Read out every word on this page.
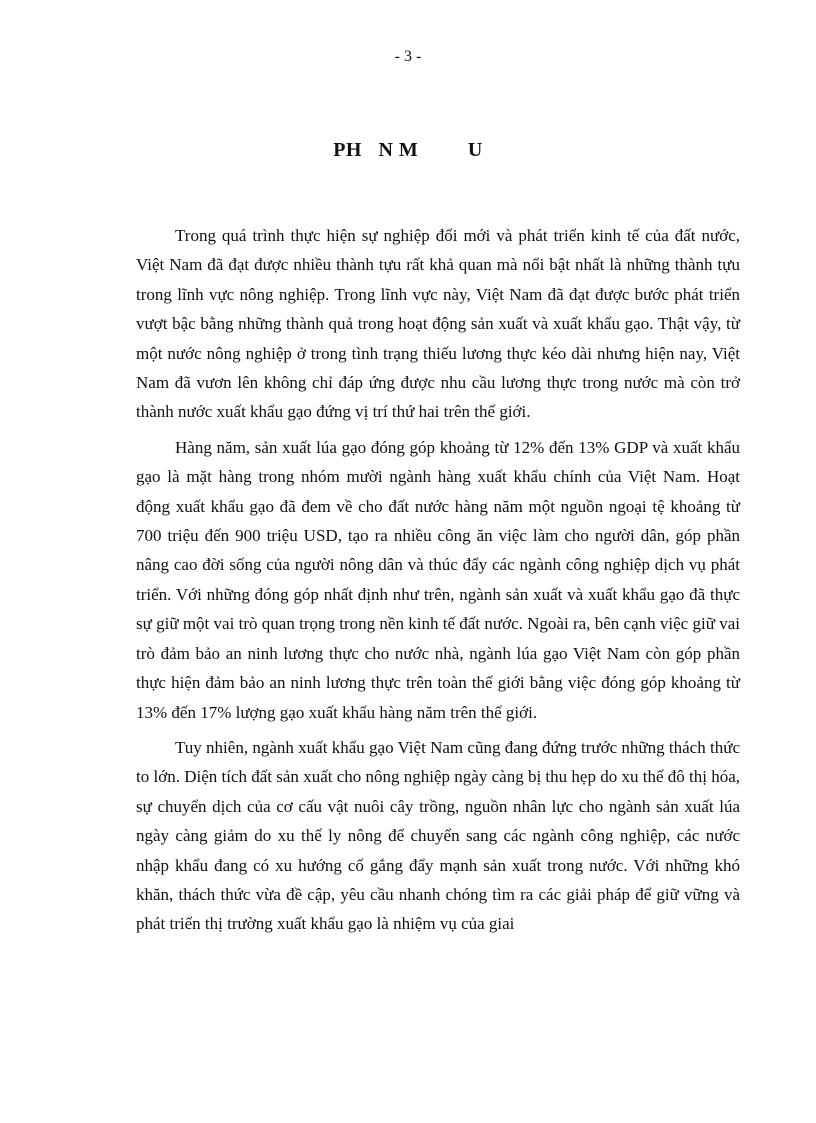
- 3 -
PH   N M         U

Trong quá trình thực hiện sự nghiệp đổi mới và phát triển kinh tế của đất nước, Việt Nam đã đạt được nhiều thành tựu rất khả quan mà nổi bật nhất là những thành tựu trong lĩnh vực nông nghiệp. Trong lĩnh vực này, Việt Nam đã đạt được bước phát triển vượt bậc bằng những thành quả trong hoạt động sản xuất và xuất khẩu gạo. Thật vậy, từ một nước nông nghiệp ở trong tình trạng thiếu lương thực kéo dài nhưng hiện nay, Việt Nam đã vươn lên không chỉ đáp ứng được nhu cầu lương thực trong nước mà còn trở thành nước xuất khẩu gạo đứng vị trí thứ hai trên thế giới.

Hàng năm, sản xuất lúa gạo đóng góp khoảng từ 12% đến 13% GDP và xuất khẩu gạo là mặt hàng trong nhóm mười ngành hàng xuất khẩu chính của Việt Nam. Hoạt động xuất khẩu gạo đã đem về cho đất nước hàng năm một nguồn ngoại tệ khoảng từ 700 triệu đến 900 triệu USD, tạo ra nhiều công ăn việc làm cho người dân, góp phần nâng cao đời sống của người nông dân và thúc đẩy các ngành công nghiệp dịch vụ phát triển. Với những đóng góp nhất định như trên, ngành sản xuất và xuất khẩu gạo đã thực sự giữ một vai trò quan trọng trong nền kinh tế đất nước. Ngoài ra, bên cạnh việc giữ vai trò đảm bảo an ninh lương thực cho nước nhà, ngành lúa gạo Việt Nam còn góp phần thực hiện đảm bảo an ninh lương thực trên toàn thế giới bằng việc đóng góp khoảng từ 13% đến 17% lượng gạo xuất khẩu hàng năm trên thế giới.

Tuy nhiên, ngành xuất khẩu gạo Việt Nam cũng đang đứng trước những thách thức to lớn. Diện tích đất sản xuất cho nông nghiệp ngày càng bị thu hẹp do xu thế đô thị hóa, sự chuyển dịch của cơ cấu vật nuôi cây trồng, nguồn nhân lực cho ngành sản xuất lúa ngày càng giảm do xu thế ly nông để chuyển sang các ngành công nghiệp, các nước nhập khẩu đang có xu hướng cố gắng đẩy mạnh sản xuất trong nước. Với những khó khăn, thách thức vừa đề cập, yêu cầu nhanh chóng tìm ra các giải pháp để giữ vững và phát triển thị trường xuất khẩu gạo là nhiệm vụ của giai
